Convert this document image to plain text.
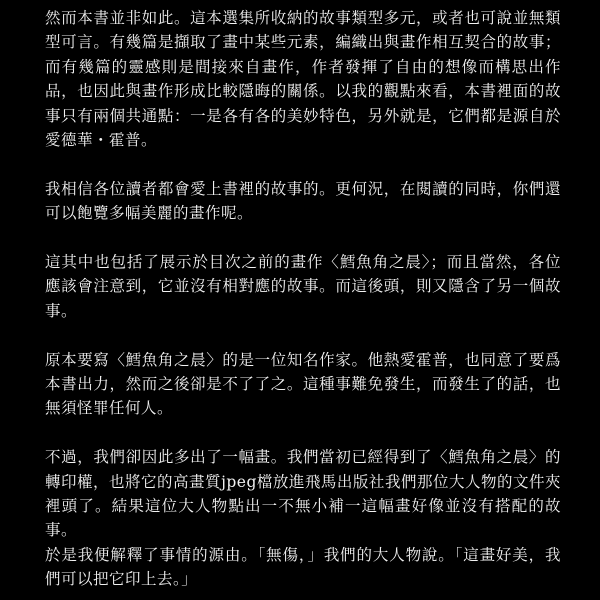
然而本書並非如此。這本選集所收納的故事類型多元，或者也可說並無類型可言。有幾篇是擷取了畫中某些元素，編織出與畫作相互契合的故事；而有幾篇的靈感則是間接來自畫作，作者發揮了自由的想像而構思出作品，也因此與畫作形成比較隱晦的關係。以我的觀點來看，本書裡面的故事只有兩個共通點：一是各有各的美妙特色，另外就是，它們都是源自於愛德華・霍普。

我相信各位讀者都會愛上書裡的故事的。更何況，在閱讀的同時，你們還可以飽覽多幅美麗的畫作呢。

這其中也包括了展示於目次之前的畫作〈鱈魚角之晨〉；而且當然，各位應該會注意到，它並沒有相對應的故事。而這後頭，則又隱含了另一個故事。

原本要寫〈鱈魚角之晨〉的是一位知名作家。他熱愛霍普，也同意了要爲本書出力，然而之後卻是不了了之。這種事難免發生，而發生了的話，也無須怪罪任何人。

不過，我們卻因此多出了一幅畫。我們當初已經得到了〈鱈魚角之晨〉的轉印權，也將它的高畫質jpeg檔放進飛馬出版社我們那位大人物的文件夾裡頭了。結果這位大人物點出一不無小補一這幅畫好像並沒有搭配的故事。

於是我便解釋了事情的源由。「無傷，」我們的大人物說。「這畫好美，我們可以把它印上去。」
